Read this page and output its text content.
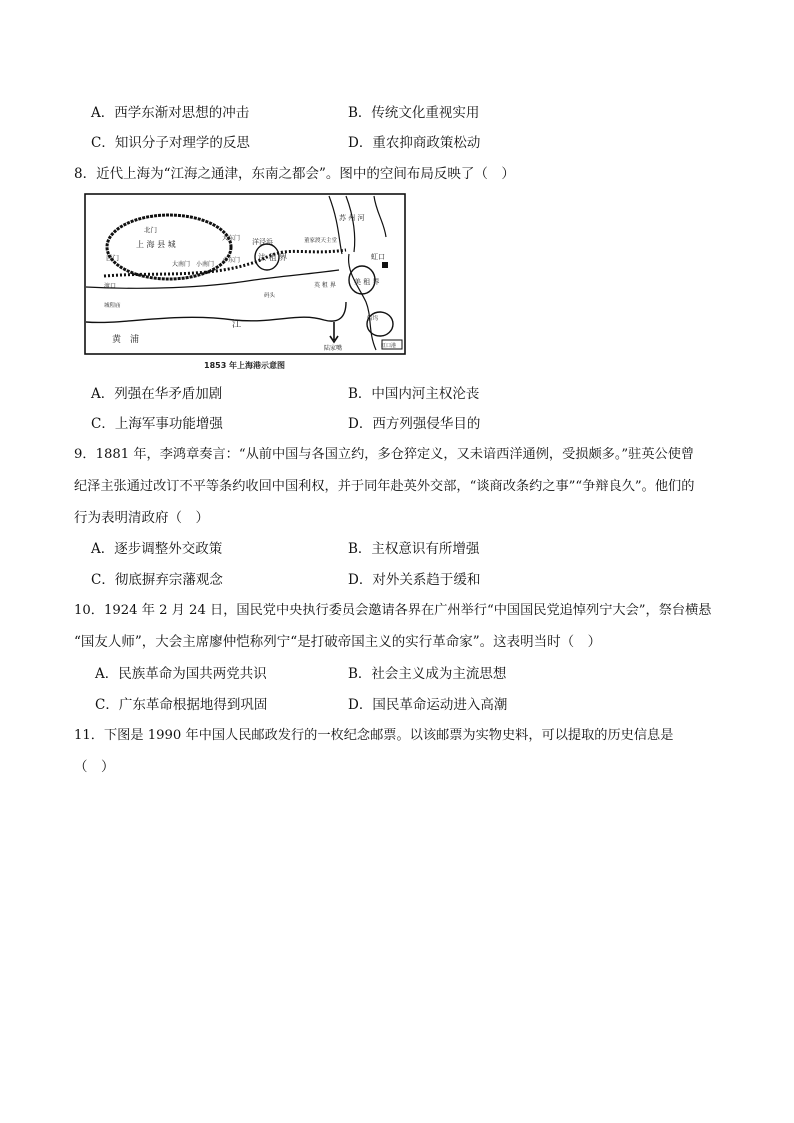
A．西学东渐对思想的冲击	B．传统文化重视实用
C．知识分子对理学的反思	D．重农抑商政策松动
8．近代上海为“江海之通津，东南之都会”。图中的空间布局反映了（　）
北门
上 海 县 城
西门
大南门 小南门
大东门
小东门
洋泾浜
法 租 界
董家渡天主堂
苏 州 河
虹口
美 租 界
渡口
城隍庙
码头
英 租 界
船坞
黄　浦
江
陆家嘴	虹口港
1853 年上海港示意图
A．列强在华矛盾加剧	B．中国内河主权沦丧
C．上海军事功能增强	D．西方列强侵华目的
9．1881 年，李鸿章奏言：“从前中国与各国立约，多仓猝定义，又未谙西洋通例，受损颇多。”驻英公使曾
纪泽主张通过改订不平等条约收回中国利权，并于同年赴英外交部，“谈商改条约之事”“争辩良久”。他们的
行为表明清政府（　）
A．逐步调整外交政策	B．主权意识有所增强
C．彻底摒弃宗藩观念	D．对外关系趋于缓和
10．1924 年 2 月 24 日，国民党中央执行委员会邀请各界在广州举行“中国国民党追悼列宁大会”，祭台横悬
“国友人师”，大会主席廖仲恺称列宁“是打破帝国主义的实行革命家”。这表明当时（　）
A．民族革命为国共两党共识	B．社会主义成为主流思想
C．广东革命根据地得到巩固	D．国民革命运动进入高潮
11．下图是 1990 年中国人民邮政发行的一枚纪念邮票。以该邮票为实物史料，可以提取的历史信息是
（　）
